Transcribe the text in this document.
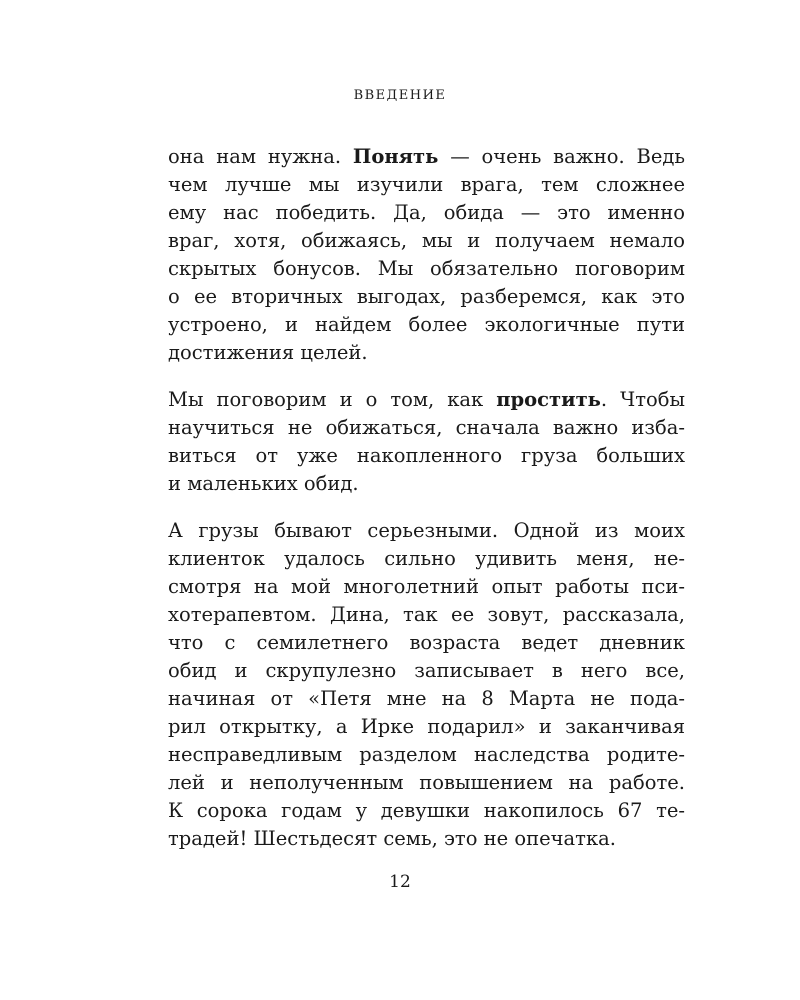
ВВЕДЕНИЕ
она нам нужна. Понять — очень важно. Ведь
чем лучше мы изучили врага, тем сложнее
ему нас победить. Да, обида — это именно
враг, хотя, обижаясь, мы и получаем немало
скрытых бонусов. Мы обязательно поговорим
о ее вторичных выгодах, разберемся, как это
устроено, и найдем более экологичные пути
достижения целей.
Мы поговорим и о том, как простить. Чтобы
научиться не обижаться, сначала важно изба-
виться от уже накопленного груза больших
и маленьких обид.
А грузы бывают серьезными. Одной из моих
клиенток удалось сильно удивить меня, не-
смотря на мой многолетний опыт работы пси-
хотерапевтом. Дина, так ее зовут, рассказала,
что с семилетнего возраста ведет дневник
обид и скрупулезно записывает в него все,
начиная от «Петя мне на 8 Марта не пода-
рил открытку, а Ирке подарил» и заканчивая
несправедливым разделом наследства родите-
лей и неполученным повышением на работе.
К сорока годам у девушки накопилось 67 те-
традей! Шестьдесят семь, это не опечатка.
12
